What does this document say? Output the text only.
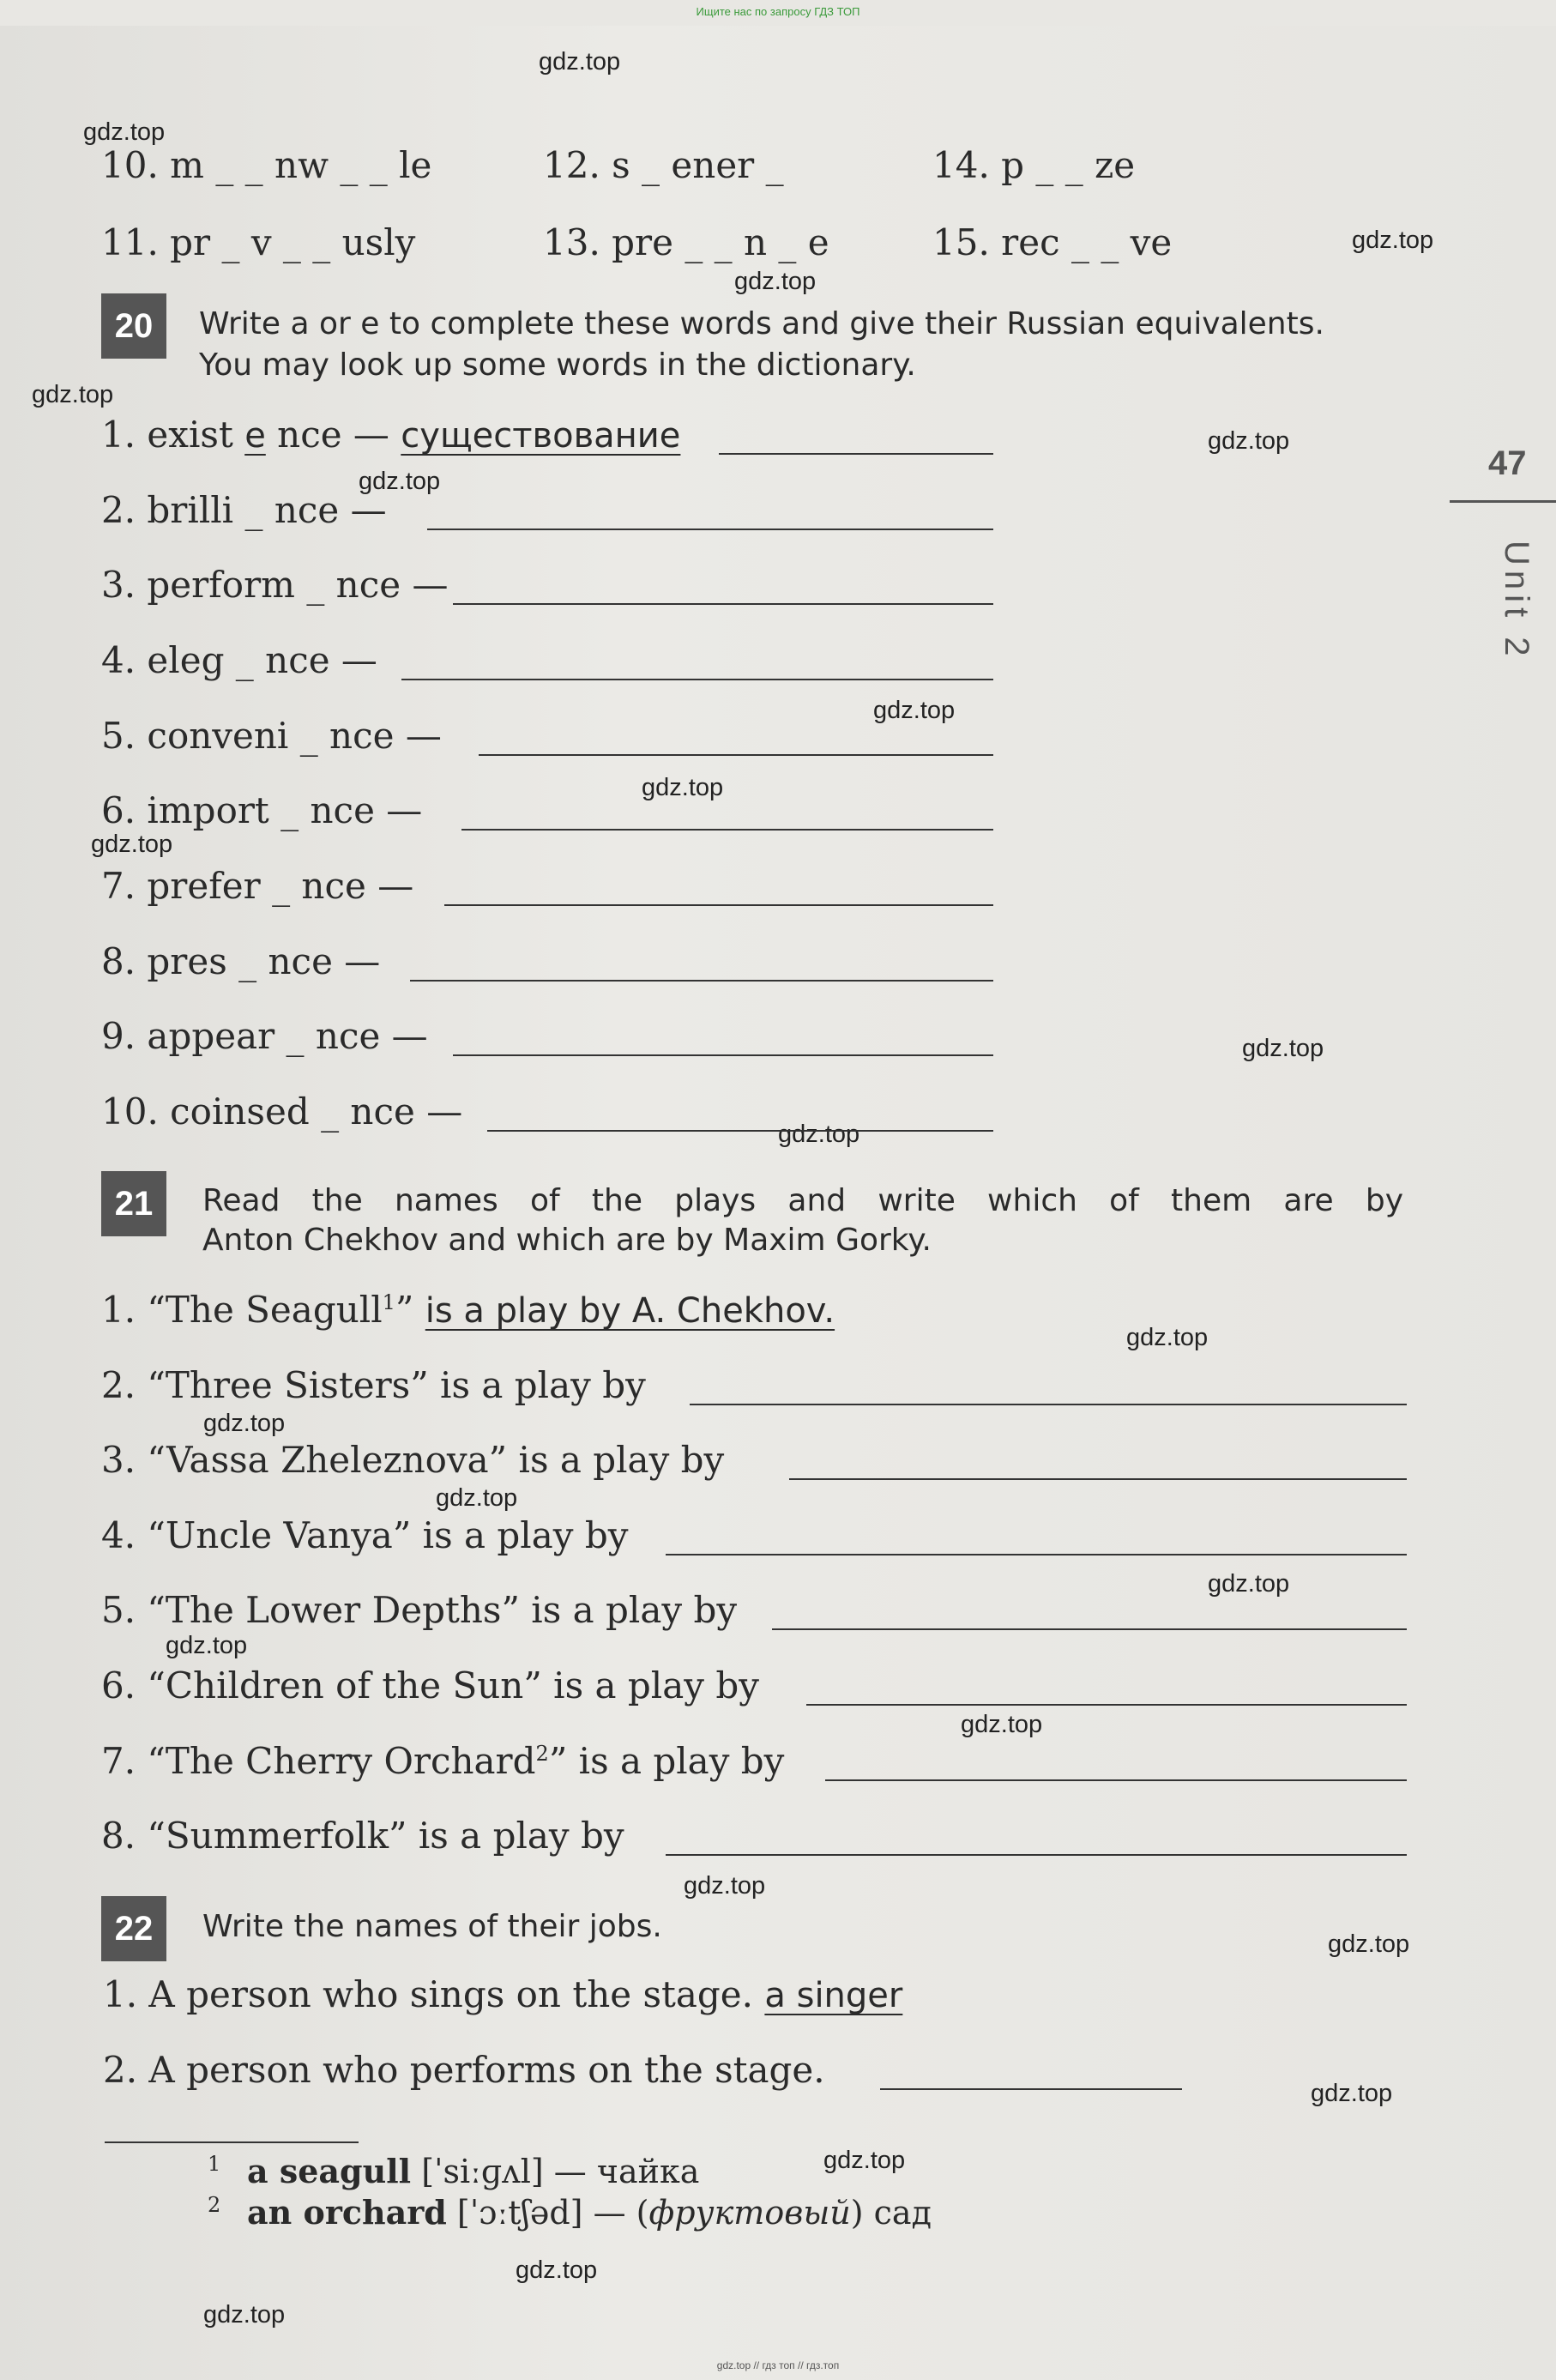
Ищите нас по запросу ГДЗ ТОП
gdz.top
gdz.top
gdz.top
gdz.top
gdz.top
gdz.top
gdz.top
gdz.top
gdz.top
gdz.top
gdz.top
gdz.top
gdz.top
gdz.top
gdz.top
gdz.top
gdz.top
gdz.top
gdz.top
gdz.top
gdz.top
gdz.top
gdz.top
gdz.top
47
Unit 2
10. m _ _ nw _ _ le	12. s _ ener _	14. p _ _ ze
11. pr _ v _ _ usly	13. pre _ _ n _ e	15. rec _ _ ve
20	Write a or e to complete these words and give their Russian equivalents.
You may look up some words in the dictionary.
1. exist e nce — существование
2. brilli _ nce —
3. perform _ nce —
4. eleg _ nce —
5. conveni _ nce —
6. import _ nce —
7. prefer _ nce —
8. pres _ nce —
9. appear _ nce —
10. coinsed _ nce —
21	Read the names of the plays and write which of them are by
Anton Chekhov and which are by Maxim Gorky.
1. “The Seagull$^1$” is a play by A. Chekhov.
2. “Three Sisters” is a play by
3. “Vassa Zheleznova” is a play by
4. “Uncle Vanya” is a play by
5. “The Lower Depths” is a play by
6. “Children of the Sun” is a play by
7. “The Cherry Orchard$^2$” is a play by
8. “Summerfolk” is a play by
22	Write the names of their jobs.
1. A person who sings on the stage. a singer
2. A person who performs on the stage.
1 a seagull [ˈsiːɡʌl] — чайка
2 an orchard [ˈɔːtʃəd] — (фруктовый) сад
gdz.top // гдз топ // гдз.топ
